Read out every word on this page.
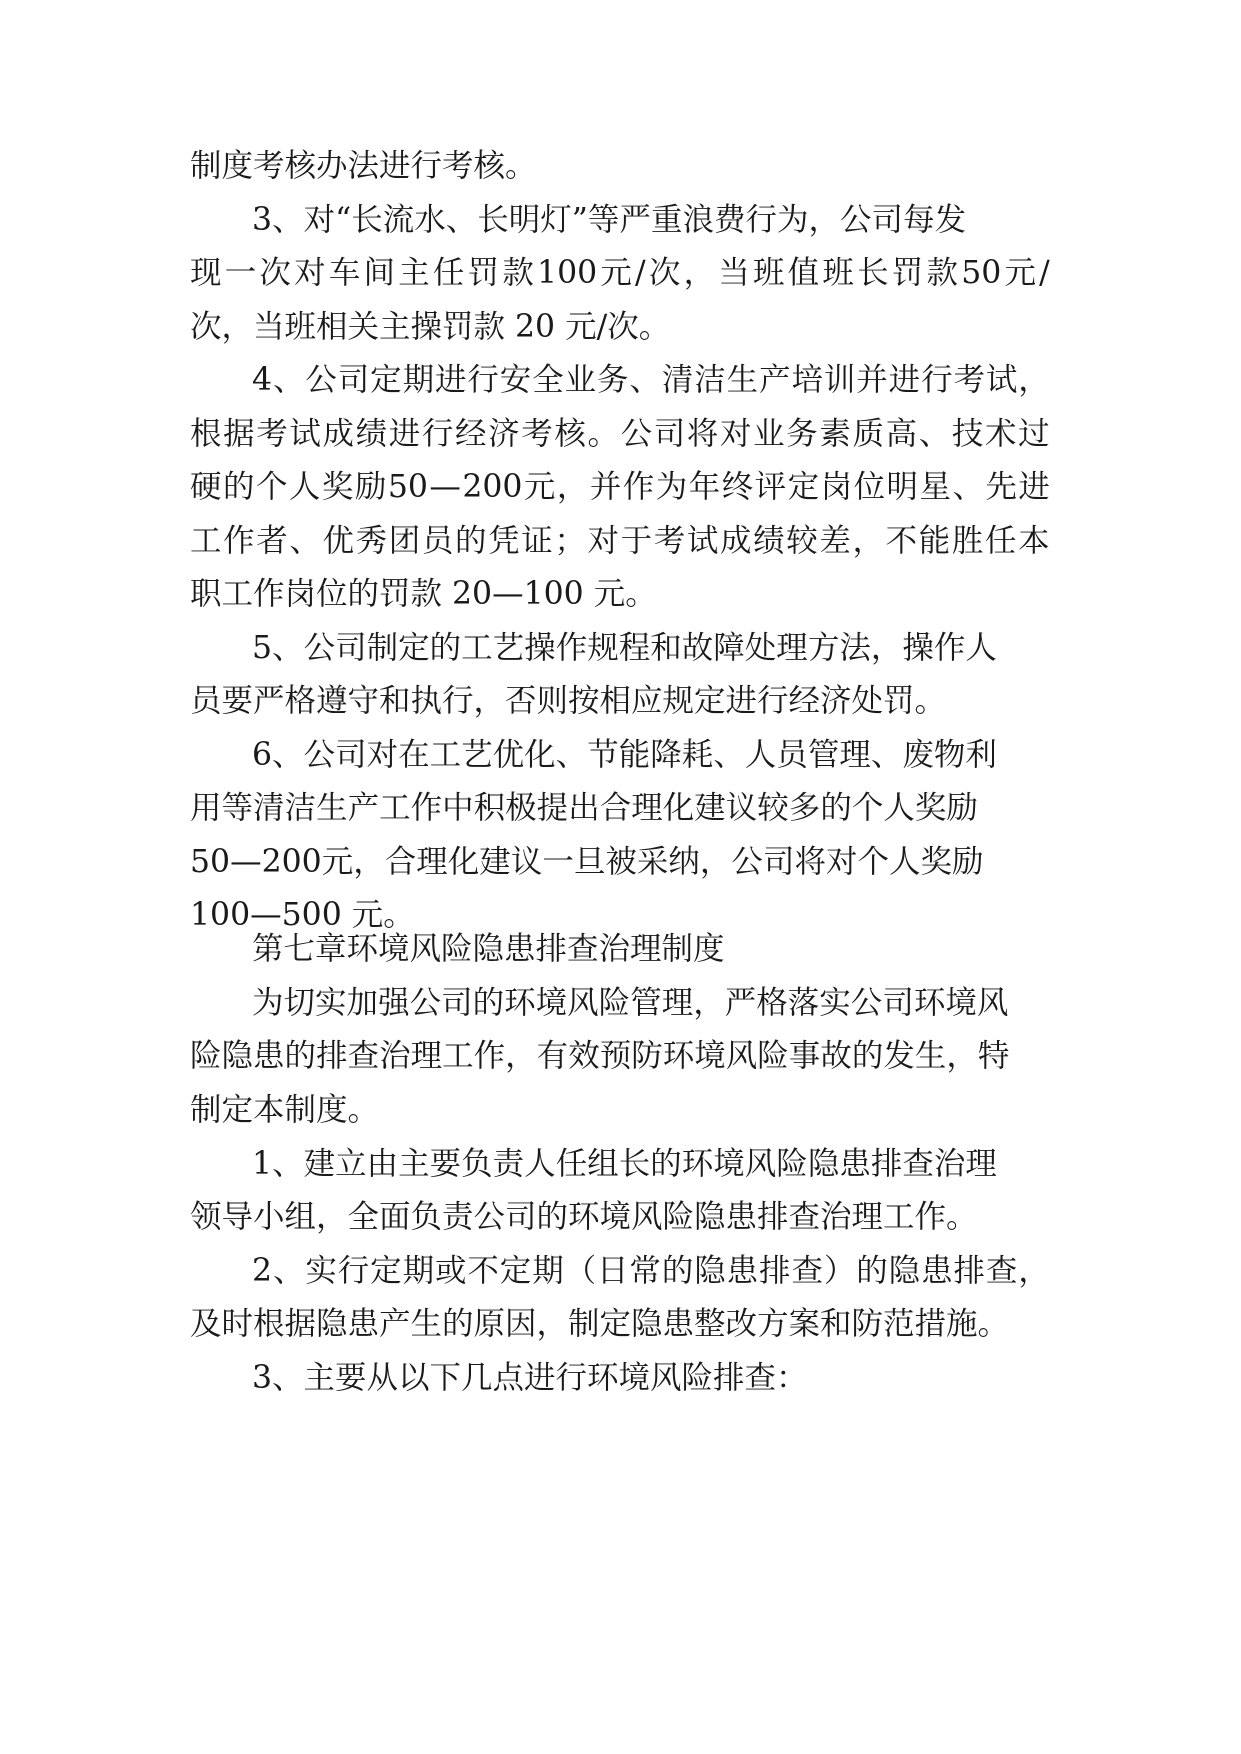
制度考核办法进行考核。
3 、 对 “ 长 流 水 、 长 明 灯 ” 等 严 重 浪 费 行 为 ， 公 司 每 发
现 一 次 对 车 间 主 任 罚 款 100 元 / 次 ， 当 班 值 班 长 罚 款 50 元 /
次，当班相关主操罚款 20 元/次。
4 、 公 司 定 期 进 行 安 全 业 务 、 清 洁 生 产 培 训 并 进 行 考 试 ，
根 据 考 试 成 绩 进 行 经 济 考 核 。 公 司 将 对 业 务 素 质 高 、 技 术 过
硬 的 个 人 奖 励 50 — 200 元 ， 并 作 为 年 终 评 定 岗 位 明 星 、 先 进
工 作 者 、 优 秀 团 员 的 凭 证 ； 对 于 考 试 成 绩 较 差 ， 不 能 胜 任 本
职工作岗位的罚款 20—100 元。
5 、 公 司 制 定 的 工 艺 操 作 规 程 和 故 障 处 理 方 法 ， 操 作 人
员要严格遵守和执行，否则按相应规定进行经济处罚。
6 、 公 司 对 在 工 艺 优 化 、 节 能 降 耗 、 人 员 管 理 、 废 物 利
用 等 清 洁 生 产 工 作 中 积 极 提 出 合 理 化 建 议 较 多 的 个 人 奖 励
50 — 200 元 ， 合 理 化 建 议 一 旦 被 采 纳 ， 公 司 将 对 个 人 奖 励
100—500 元。
第七章环境风险隐患排查治理制度
为 切 实 加 强 公 司 的 环 境 风 险 管 理 ， 严 格 落 实 公 司 环 境 风
险 隐 患 的 排 查 治 理 工 作 ， 有 效 预 防 环 境 风 险 事 故 的 发 生 ， 特
制定本制度。
1 、 建 立 由 主 要 负 责 人 任 组 长 的 环 境 风 险 隐 患 排 查 治 理
领导小组，全面负责公司的环境风险隐患排查治理工作。
2 、 实 行 定 期 或 不 定 期 （ 日 常 的 隐 患 排 查 ） 的 隐 患 排 查 ，
及时根据隐患产生的原因，制定隐患整改方案和防范措施。
3、主要从以下几点进行环境风险排查：
